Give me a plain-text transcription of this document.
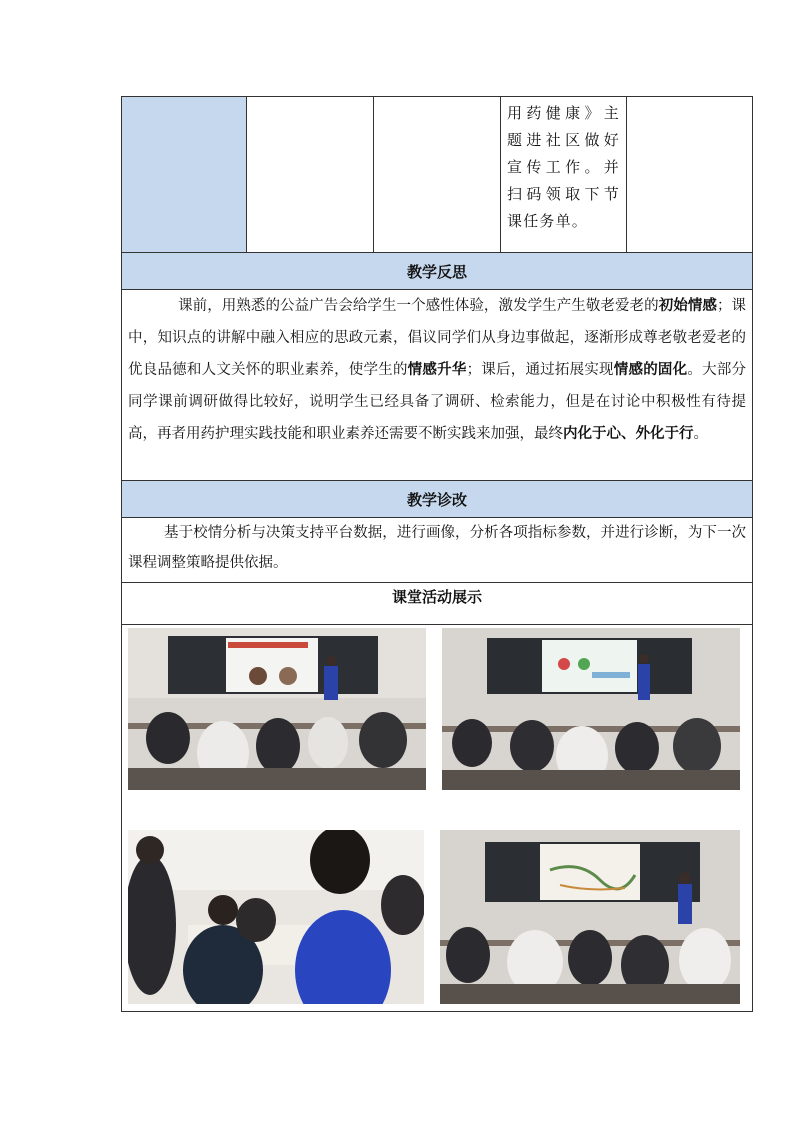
用药健康》主题进社区做好宣传工作。并扫码领取下节课任务单。

教学反思

课前，用熟悉的公益广告会给学生一个感性体验，激发学生产生敬老爱老的初始情感；课中，知识点的讲解中融入相应的思政元素，倡议同学们从身边事做起，逐渐形成尊老敬老爱老的优良品德和人文关怀的职业素养，使学生的情感升华；课后，通过拓展实现情感的固化。大部分同学课前调研做得比较好，说明学生已经具备了调研、检索能力，但是在讨论中积极性有待提高，再者用药护理实践技能和职业素养还需要不断实践来加强，最终内化于心、外化于行。

教学诊改

基于校情分析与决策支持平台数据，进行画像，分析各项指标参数，并进行诊断，为下一次课程调整策略提供依据。

课堂活动展示
